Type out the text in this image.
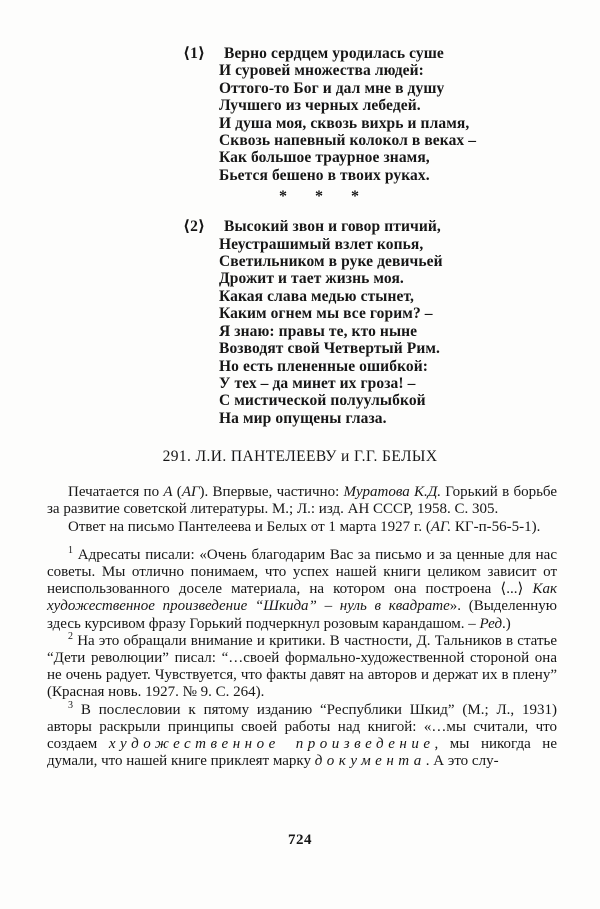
⟨1⟩	Верно сердцем уродилась суше
И суровей множества людей:
Оттого-то Бог и дал мне в душу
Лучшего из черных лебедей.
И душа моя, сквозь вихрь и пламя,
Сквозь напевный колокол в веках –
Как большое траурное знамя,
Бьется бешено в твоих руках.
* * *
⟨2⟩	Высокий звон и говор птичий,
Неустрашимый взлет копья,
Светильником в руке девичьей
Дрожит и тает жизнь моя.
Какая слава медью стынет,
Каким огнем мы все горим? –
Я знаю: правы те, кто ныне
Возводят свой Четвертый Рим.
Но есть плененные ошибкой:
У тех – да минет их гроза! –
С мистической полуулыбкой
На мир опущены глаза.
291. Л.И. ПАНТЕЛЕЕВУ и Г.Г. БЕЛЫХ

Печатается по А (АГ). Впервые, частично: Муратова К.Д. Горький в борьбе за развитие советской литературы. М.; Л.: изд. АН СССР, 1958. С. 305.

Ответ на письмо Пантелеева и Белых от 1 марта 1927 г. (АГ. КГ-п-56-5-1).

$^1$ Адресаты писали: «Очень благодарим Вас за письмо и за ценные для нас советы. Мы отлично понимаем, что успех нашей книги целиком зависит от неиспользованного доселе материала, на котором она построена ⟨...⟩ Как художественное произведение “Шкида” – нуль в квадрате». (Выделенную здесь курсивом фразу Горький подчеркнул розовым карандашом. – Ред.)

$^2$ На это обращали внимание и критики. В частности, Д. Тальников в статье “Дети революции” писал: “…своей формально-художественной стороной она не очень радует. Чувствуется, что факты давят на авторов и держат их в плену” (Красная новь. 1927. № 9. С. 264).

$^3$ В послесловии к пятому изданию “Республики Шкид” (М.; Л., 1931) авторы раскрыли принципы своей работы над книгой: «…мы считали, что создаем художественное произведение, мы никогда не думали, что нашей книге приклеят марку документа. А это слу-

724
